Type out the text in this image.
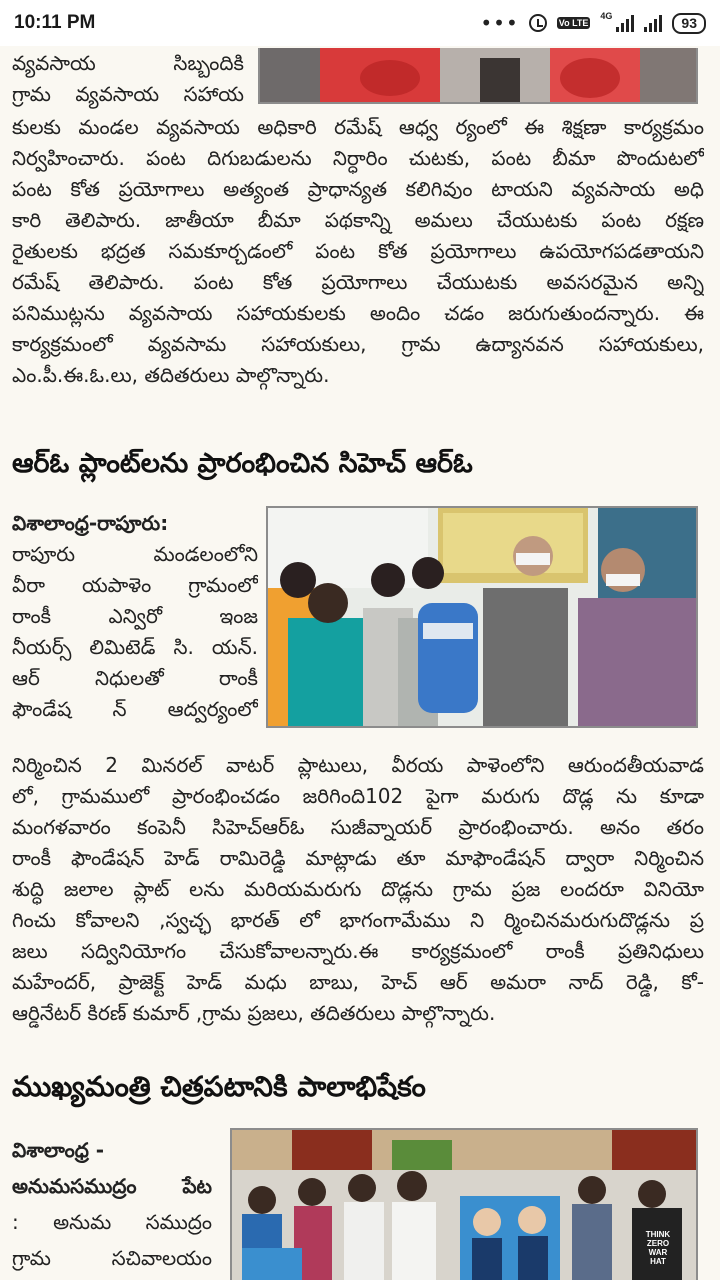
10:11 PM	•••	Vo LTE
4G	93
వ్యవసాయ సిబ్బందికి
గ్రామ వ్యవసాయ సహాయ
కులకు మండల వ్యవసాయ అధికారి రమేష్ ఆధ్వ ర్యంలో ఈ శిక్షణా కార్యక్రమం
నిర్వహించారు. పంట దిగుబడులను నిర్ధారిం చుటకు, పంట బీమా పొందుటలో
పంట కోత ప్రయోగాలు అత్యంత ప్రాధాన్యత కలిగివుం టాయని వ్యవసాయ అధి
కారి తెలిపారు. జాతీయా బీమా పథకాన్ని అమలు చేయుటకు పంట రక్షణ
రైతులకు భద్రత సమకూర్చడంలో పంట కోత ప్రయోగాలు ఉపయోగపడతాయని
రమేష్ తెలిపారు. పంట కోత ప్రయోగాలు చేయుటకు అవసరమైన అన్ని
పనిముట్లను వ్యవసాయ సహాయకులకు అందిం చడం జరుగుతుందన్నారు. ఈ
కార్యక్రమంలో వ్యవసామ సహాయకులు, గ్రామ ఉద్యానవన సహాయకులు,
ఎం.పీ.ఈ.ఓ.లు, తదితరులు పాల్గొన్నారు.
ఆర్ఓ ప్లాంట్‌లను ప్రారంభించిన సిహెచ్ ఆర్ఓ
విశాలాంధ్ర-రాపూరు:
రాపూరు మండలంలోని
వీరా యపాళెం గ్రామంలో
రాంకీ ఎన్విరో ఇంజ
నీయర్స్ లిమిటెడ్ సి. యన్.
ఆర్ నిధులతో రాంకీ
ఫౌండేష న్ ఆద్వర్యంలో
నిర్మించిన 2 మినరల్ వాటర్ ప్లాటులు, వీరయ పాళెంలోని ఆరుందతీయవాడ
లో, గ్రామములో ప్రారంభించడం జరిగింది102 పైగా మరుగు దొడ్ల ను కూడా
మంగళవారం కంపెనీ సిహెచ్ఆర్ఓ సుజీవ్నాయర్ ప్రారంభించారు. అనం తరం
రాంకీ ఫౌండేషన్ హెడ్ రామిరెడ్డి మాట్లాడు తూ మాఫౌండేషన్ ద్వారా నిర్మించిన
శుద్ధి జలాల ప్లాట్ లను మరియమరుగు దొడ్లను గ్రామ ప్రజ లందరూ వినియో
గించు కోవాలని ,స్వచ్ఛ భారత్ లో భాగంగామేము ని ర్మించినమరుగుదొడ్లను ప్ర
జలు సద్వినియోగం చేసుకోవాలన్నారు.ఈ కార్యక్రమంలో రాంకీ ప్రతినిధులు
మహేందర్, ప్రాజెక్ట్ హెడ్ మధు బాబు, హెచ్ ఆర్ అమరా నాద్ రెడ్డి, కో-
ఆర్డినేటర్ కిరణ్ కుమార్ ,గ్రామ ప్రజలు, తదితరులు పాల్గొన్నారు.
ముఖ్యమంత్రి చిత్రపటానికి పాలాభిషేకం
THINK
ZERO
WAR
HAT
విశాలాంధ్ర -
అనుమసముద్రం పేట
: అనుమ సముద్రం
గ్రామ సచివాలయం
